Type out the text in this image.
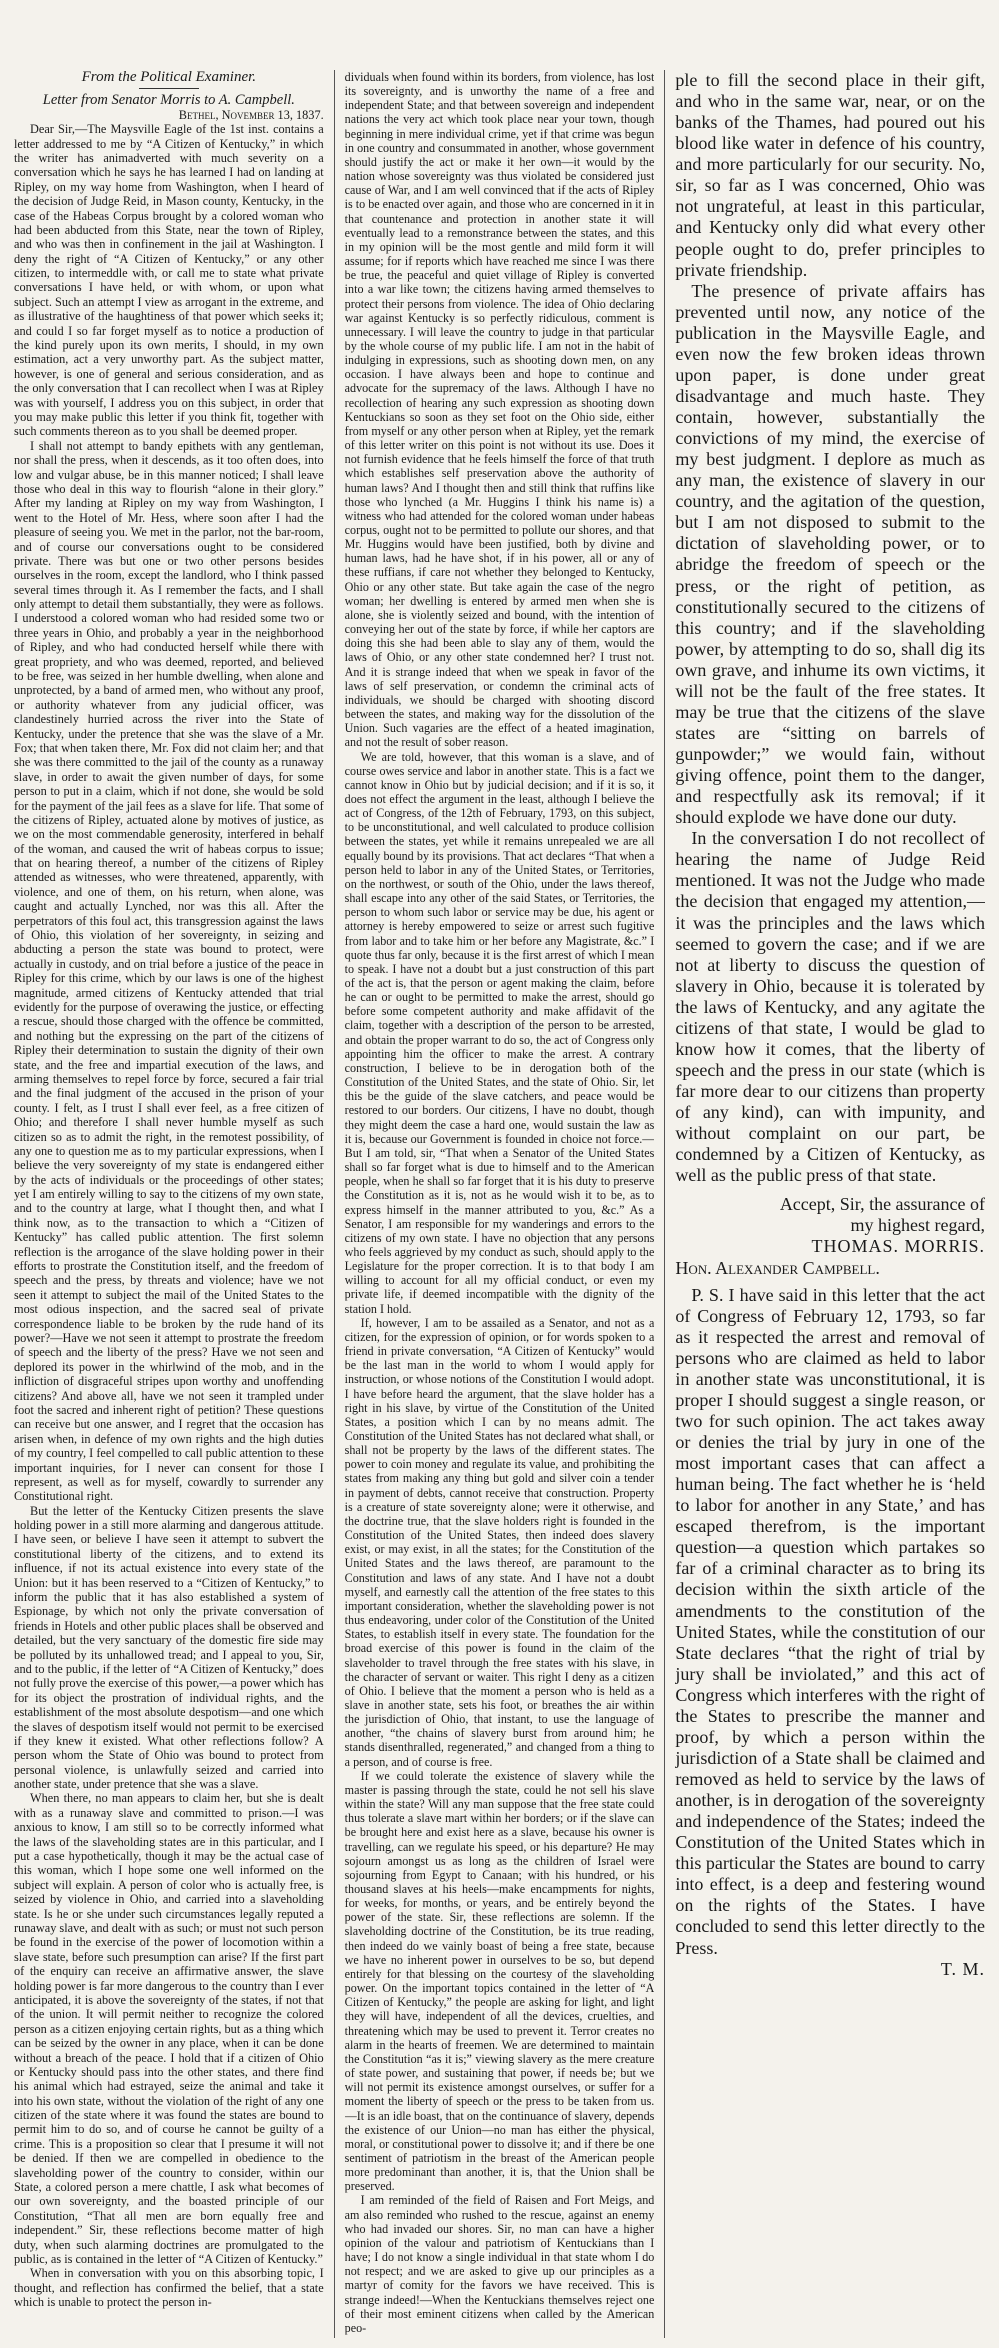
From the Political Examiner.

Letter from Senator Morris to A. Campbell.

Bethel, November 13, 1837.

Dear Sir,—The Maysville Eagle of the 1st inst. contains a letter addressed to me by “A Citizen of Kentucky,” in which the writer has animadverted with much severity on a conversation which he says he has learned I had on landing at Ripley, on my way home from Washington, when I heard of the decision of Judge Reid, in Mason county, Kentucky, in the case of the Habeas Corpus brought by a colored woman who had been abducted from this State, near the town of Ripley, and who was then in confinement in the jail at Washington. I deny the right of “A Citizen of Kentucky,” or any other citizen, to intermeddle with, or call me to state what private conversations I have held, or with whom, or upon what subject. Such an attempt I view as arrogant in the extreme, and as illustrative of the haughtiness of that power which seeks it; and could I so far forget myself as to notice a production of the kind purely upon its own merits, I should, in my own estimation, act a very unworthy part. As the subject matter, however, is one of general and serious consideration, and as the only conversation that I can recollect when I was at Ripley was with yourself, I address you on this subject, in order that you may make public this letter if you think fit, together with such comments thereon as to you shall be deemed proper.

I shall not attempt to bandy epithets with any gentleman, nor shall the press, when it descends, as it too often does, into low and vulgar abuse, be in this manner noticed; I shall leave those who deal in this way to flourish “alone in their glory.” After my landing at Ripley on my way from Washington, I went to the Hotel of Mr. Hess, where soon after I had the pleasure of seeing you. We met in the parlor, not the bar-room, and of course our conversations ought to be considered private. There was but one or two other persons besides ourselves in the room, except the landlord, who I think passed several times through it. As I remember the facts, and I shall only attempt to detail them substantially, they were as follows. I understood a colored woman who had resided some two or three years in Ohio, and probably a year in the neighborhood of Ripley, and who had conducted herself while there with great propriety, and who was deemed, reported, and believed to be free, was seized in her humble dwelling, when alone and unprotected, by a band of armed men, who without any proof, or authority whatever from any judicial officer, was clandestinely hurried across the river into the State of Kentucky, under the pretence that she was the slave of a Mr. Fox; that when taken there, Mr. Fox did not claim her; and that she was there committed to the jail of the county as a runaway slave, in order to await the given number of days, for some person to put in a claim, which if not done, she would be sold for the payment of the jail fees as a slave for life. That some of the citizens of Ripley, actuated alone by motives of justice, as we on the most commendable generosity, interfered in behalf of the woman, and caused the writ of habeas corpus to issue; that on hearing thereof, a number of the citizens of Ripley attended as witnesses, who were threatened, apparently, with violence, and one of them, on his return, when alone, was caught and actually Lynched, nor was this all. After the perpetrators of this foul act, this transgression against the laws of Ohio, this violation of her sovereignty, in seizing and abducting a person the state was bound to protect, were actually in custody, and on trial before a justice of the peace in Ripley for this crime, which by our laws is one of the highest magnitude, armed citizens of Kentucky attended that trial evidently for the purpose of overawing the justice, or effecting a rescue, should those charged with the offence be committed, and nothing but the expressing on the part of the citizens of Ripley their determination to sustain the dignity of their own state, and the free and impartial execution of the laws, and arming themselves to repel force by force, secured a fair trial and the final judgment of the accused in the prison of your county. I felt, as I trust I shall ever feel, as a free citizen of Ohio; and therefore I shall never humble myself as such citizen so as to admit the right, in the remotest possibility, of any one to question me as to my particular expressions, when I believe the very sovereignty of my state is endangered either by the acts of individuals or the proceedings of other states; yet I am entirely willing to say to the citizens of my own state, and to the country at large, what I thought then, and what I think now, as to the transaction to which a “Citizen of Kentucky” has called public attention. The first solemn reflection is the arrogance of the slave holding power in their efforts to prostrate the Constitution itself, and the freedom of speech and the press, by threats and violence; have we not seen it attempt to subject the mail of the United States to the most odious inspection, and the sacred seal of private correspondence liable to be broken by the rude hand of its power?—Have we not seen it attempt to prostrate the freedom of speech and the liberty of the press? Have we not seen and deplored its power in the whirlwind of the mob, and in the infliction of disgraceful stripes upon worthy and unoffending citizens? And above all, have we not seen it trampled under foot the sacred and inherent right of petition? These questions can receive but one answer, and I regret that the occasion has arisen when, in defence of my own rights and the high duties of my country, I feel compelled to call public attention to these important inquiries, for I never can consent for those I represent, as well as for myself, cowardly to surrender any Constitutional right.

But the letter of the Kentucky Citizen presents the slave holding power in a still more alarming and dangerous attitude. I have seen, or believe I have seen it attempt to subvert the constitutional liberty of the citizens, and to extend its influence, if not its actual existence into every state of the Union: but it has been reserved to a “Citizen of Kentucky,” to inform the public that it has also established a system of Espionage, by which not only the private conversation of friends in Hotels and other public places shall be observed and detailed, but the very sanctuary of the domestic fire side may be polluted by its unhallowed tread; and I appeal to you, Sir, and to the public, if the letter of “A Citizen of Kentucky,” does not fully prove the exercise of this power,—a power which has for its object the prostration of individual rights, and the establishment of the most absolute despotism—and one which the slaves of despotism itself would not permit to be exercised if they knew it existed. What other reflections follow? A person whom the State of Ohio was bound to protect from personal violence, is unlawfully seized and carried into another state, under pretence that she was a slave.

When there, no man appears to claim her, but she is dealt with as a runaway slave and committed to prison.—I was anxious to know, I am still so to be correctly informed what the laws of the slaveholding states are in this particular, and I put a case hypothetically, though it may be the actual case of this woman, which I hope some one well informed on the subject will explain. A person of color who is actually free, is seized by violence in Ohio, and carried into a slaveholding state. Is he or she under such circumstances legally reputed a runaway slave, and dealt with as such; or must not such person be found in the exercise of the power of locomotion within a slave state, before such presumption can arise? If the first part of the enquiry can receive an affirmative answer, the slave holding power is far more dangerous to the country than I ever anticipated, it is above the sovereignty of the states, if not that of the union. It will permit neither to recognize the colored person as a citizen enjoying certain rights, but as a thing which can be seized by the owner in any place, when it can be done without a breach of the peace. I hold that if a citizen of Ohio or Kentucky should pass into the other states, and there find his animal which had estrayed, seize the animal and take it into his own state, without the violation of the right of any one citizen of the state where it was found the states are bound to permit him to do so, and of course he cannot be guilty of a crime. This is a proposition so clear that I presume it will not be denied. If then we are compelled in obedience to the slaveholding power of the country to consider, within our State, a colored person a mere chattle, I ask what becomes of our own sovereignty, and the boasted principle of our Constitution, “That all men are born equally free and independent.” Sir, these reflections become matter of high duty, when such alarming doctrines are promulgated to the public, as is contained in the letter of “A Citizen of Kentucky.”

When in conversation with you on this absorbing topic, I thought, and reflection has confirmed the belief, that a state which is unable to protect the person in-

dividuals when found within its borders, from violence, has lost its sovereignty, and is unworthy the name of a free and independent State; and that between sovereign and independent nations the very act which took place near your town, though beginning in mere individual crime, yet if that crime was begun in one country and consummated in another, whose government should justify the act or make it her own—it would by the nation whose sovereignty was thus violated be considered just cause of War, and I am well convinced that if the acts of Ripley is to be enacted over again, and those who are concerned in it in that countenance and protection in another state it will eventually lead to a remonstrance between the states, and this in my opinion will be the most gentle and mild form it will assume; for if reports which have reached me since I was there be true, the peaceful and quiet village of Ripley is converted into a war like town; the citizens having armed themselves to protect their persons from violence. The idea of Ohio declaring war against Kentucky is so perfectly ridiculous, comment is unnecessary. I will leave the country to judge in that particular by the whole course of my public life. I am not in the habit of indulging in expressions, such as shooting down men, on any occasion. I have always been and hope to continue and advocate for the supremacy of the laws. Although I have no recollection of hearing any such expression as shooting down Kentuckians so soon as they set foot on the Ohio side, either from myself or any other person when at Ripley, yet the remark of this letter writer on this point is not without its use. Does it not furnish evidence that he feels himself the force of that truth which establishes self preservation above the authority of human laws? And I thought then and still think that ruffins like those who lynched (a Mr. Huggins I think his name is) a witness who had attended for the colored woman under habeas corpus, ought not to be permitted to pollute our shores, and that Mr. Huggins would have been justified, both by divine and human laws, had he have shot, if in his power, all or any of these ruffians, if care not whether they belonged to Kentucky, Ohio or any other state. But take again the case of the negro woman; her dwelling is entered by armed men when she is alone, she is violently seized and bound, with the intention of conveying her out of the state by force, if while her captors are doing this she had been able to slay any of them, would the laws of Ohio, or any other state condemned her? I trust not. And it is strange indeed that when we speak in favor of the laws of self preservation, or condemn the criminal acts of individuals, we should be charged with shooting discord between the states, and making way for the dissolution of the Union. Such vagaries are the effect of a heated imagination, and not the result of sober reason.

We are told, however, that this woman is a slave, and of course owes service and labor in another state. This is a fact we cannot know in Ohio but by judicial decision; and if it is so, it does not effect the argument in the least, although I believe the act of Congress, of the 12th of February, 1793, on this subject, to be unconstitutional, and well calculated to produce collision between the states, yet while it remains unrepealed we are all equally bound by its provisions. That act declares “That when a person held to labor in any of the United States, or Territories, on the northwest, or south of the Ohio, under the laws thereof, shall escape into any other of the said States, or Territories, the person to whom such labor or service may be due, his agent or attorney is hereby empowered to seize or arrest such fugitive from labor and to take him or her before any Magistrate, &c.” I quote thus far only, because it is the first arrest of which I mean to speak. I have not a doubt but a just construction of this part of the act is, that the person or agent making the claim, before he can or ought to be permitted to make the arrest, should go before some competent authority and make affidavit of the claim, together with a description of the person to be arrested, and obtain the proper warrant to do so, the act of Congress only appointing him the officer to make the arrest. A contrary construction, I believe to be in derogation both of the Constitution of the United States, and the state of Ohio. Sir, let this be the guide of the slave catchers, and peace would be restored to our borders. Our citizens, I have no doubt, though they might deem the case a hard one, would sustain the law as it is, because our Government is founded in choice not force.—But I am told, sir, “That when a Senator of the United States shall so far forget what is due to himself and to the American people, when he shall so far forget that it is his duty to preserve the Constitution as it is, not as he would wish it to be, as to express himself in the manner attributed to you, &c.” As a Senator, I am responsible for my wanderings and errors to the citizens of my own state. I have no objection that any persons who feels aggrieved by my conduct as such, should apply to the Legislature for the proper correction. It is to that body I am willing to account for all my official conduct, or even my private life, if deemed incompatible with the dignity of the station I hold.

If, however, I am to be assailed as a Senator, and not as a citizen, for the expression of opinion, or for words spoken to a friend in private conversation, “A Citizen of Kentucky” would be the last man in the world to whom I would apply for instruction, or whose notions of the Constitution I would adopt. I have before heard the argument, that the slave holder has a right in his slave, by virtue of the Constitution of the United States, a position which I can by no means admit. The Constitution of the United States has not declared what shall, or shall not be property by the laws of the different states. The power to coin money and regulate its value, and prohibiting the states from making any thing but gold and silver coin a tender in payment of debts, cannot receive that construction. Property is a creature of state sovereignty alone; were it otherwise, and the doctrine true, that the slave holders right is founded in the Constitution of the United States, then indeed does slavery exist, or may exist, in all the states; for the Constitution of the United States and the laws thereof, are paramount to the Constitution and laws of any state. And I have not a doubt myself, and earnestly call the attention of the free states to this important consideration, whether the slaveholding power is not thus endeavoring, under color of the Constitution of the United States, to establish itself in every state. The foundation for the broad exercise of this power is found in the claim of the slaveholder to travel through the free states with his slave, in the character of servant or waiter. This right I deny as a citizen of Ohio. I believe that the moment a person who is held as a slave in another state, sets his foot, or breathes the air within the jurisdiction of Ohio, that instant, to use the language of another, “the chains of slavery burst from around him; he stands disenthralled, regenerated,” and changed from a thing to a person, and of course is free.

If we could tolerate the existence of slavery while the master is passing through the state, could he not sell his slave within the state? Will any man suppose that the free state could thus tolerate a slave mart within her borders; or if the slave can be brought here and exist here as a slave, because his owner is travelling, can we regulate his speed, or his departure? He may sojourn amongst us as long as the children of Israel were sojourning from Egypt to Canaan; with his hundred, or his thousand slaves at his heels—make encampments for nights, for weeks, for months, or years, and be entirely beyond the power of the state. Sir, these reflections are solemn. If the slaveholding doctrine of the Constitution, be its true reading, then indeed do we vainly boast of being a free state, because we have no inherent power in ourselves to be so, but depend entirely for that blessing on the courtesy of the slaveholding power. On the important topics contained in the letter of “A Citizen of Kentucky,” the people are asking for light, and light they will have, independent of all the devices, cruelties, and threatening which may be used to prevent it. Terror creates no alarm in the hearts of freemen. We are determined to maintain the Constitution “as it is;” viewing slavery as the mere creature of state power, and sustaining that power, if needs be; but we will not permit its existence amongst ourselves, or suffer for a moment the liberty of speech or the press to be taken from us.—It is an idle boast, that on the continuance of slavery, depends the existence of our Union—no man has either the physical, moral, or constitutional power to dissolve it; and if there be one sentiment of patriotism in the breast of the American people more predominant than another, it is, that the Union shall be preserved.

I am reminded of the field of Raisen and Fort Meigs, and am also reminded who rushed to the rescue, against an enemy who had invaded our shores. Sir, no man can have a higher opinion of the valour and patriotism of Kentuckians than I have; I do not know a single individual in that state whom I do not respect; and we are asked to give up our principles as a martyr of comity for the favors we have received. This is strange indeed!—When the Kentuckians themselves reject one of their most eminent citizens when called by the American peo-

ple to fill the second place in their gift, and who in the same war, near, or on the banks of the Thames, had poured out his blood like water in defence of his country, and more particularly for our security. No, sir, so far as I was concerned, Ohio was not ungrateful, at least in this particular, and Kentucky only did what every other people ought to do, prefer principles to private friendship.

The presence of private affairs has prevented until now, any notice of the publication in the Maysville Eagle, and even now the few broken ideas thrown upon paper, is done under great disadvantage and much haste. They contain, however, substantially the convictions of my mind, the exercise of my best judgment. I deplore as much as any man, the existence of slavery in our country, and the agitation of the question, but I am not disposed to submit to the dictation of slaveholding power, or to abridge the freedom of speech or the press, or the right of petition, as constitutionally secured to the citizens of this country; and if the slaveholding power, by attempting to do so, shall dig its own grave, and inhume its own victims, it will not be the fault of the free states. It may be true that the citizens of the slave states are “sitting on barrels of gunpowder;” we would fain, without giving offence, point them to the danger, and respectfully ask its removal; if it should explode we have done our duty.

In the conversation I do not recollect of hearing the name of Judge Reid mentioned. It was not the Judge who made the decision that engaged my attention,—it was the principles and the laws which seemed to govern the case; and if we are not at liberty to discuss the question of slavery in Ohio, because it is tolerated by the laws of Kentucky, and any agitate the citizens of that state, I would be glad to know how it comes, that the liberty of speech and the press in our state (which is far more dear to our citizens than property of any kind), can with impunity, and without complaint on our part, be condemned by a Citizen of Kentucky, as well as the public press of that state.

Accept, Sir, the assurance of

my highest regard,

THOMAS. MORRIS.

Hon. Alexander Campbell.

P. S. I have said in this letter that the act of Congress of February 12, 1793, so far as it respected the arrest and removal of persons who are claimed as held to labor in another state was unconstitutional, it is proper I should suggest a single reason, or two for such opinion. The act takes away or denies the trial by jury in one of the most important cases that can affect a human being. The fact whether he is ‘held to labor for another in any State,’ and has escaped therefrom, is the important question—a question which partakes so far of a criminal character as to bring its decision within the sixth article of the amendments to the constitution of the United States, while the constitution of our State declares “that the right of trial by jury shall be inviolated,” and this act of Congress which interferes with the right of the States to prescribe the manner and proof, by which a person within the jurisdiction of a State shall be claimed and removed as held to service by the laws of another, is in derogation of the sovereignty and independence of the States; indeed the Constitution of the United States which in this particular the States are bound to carry into effect, is a deep and festering wound on the rights of the States. I have concluded to send this letter directly to the Press.

T. M.
